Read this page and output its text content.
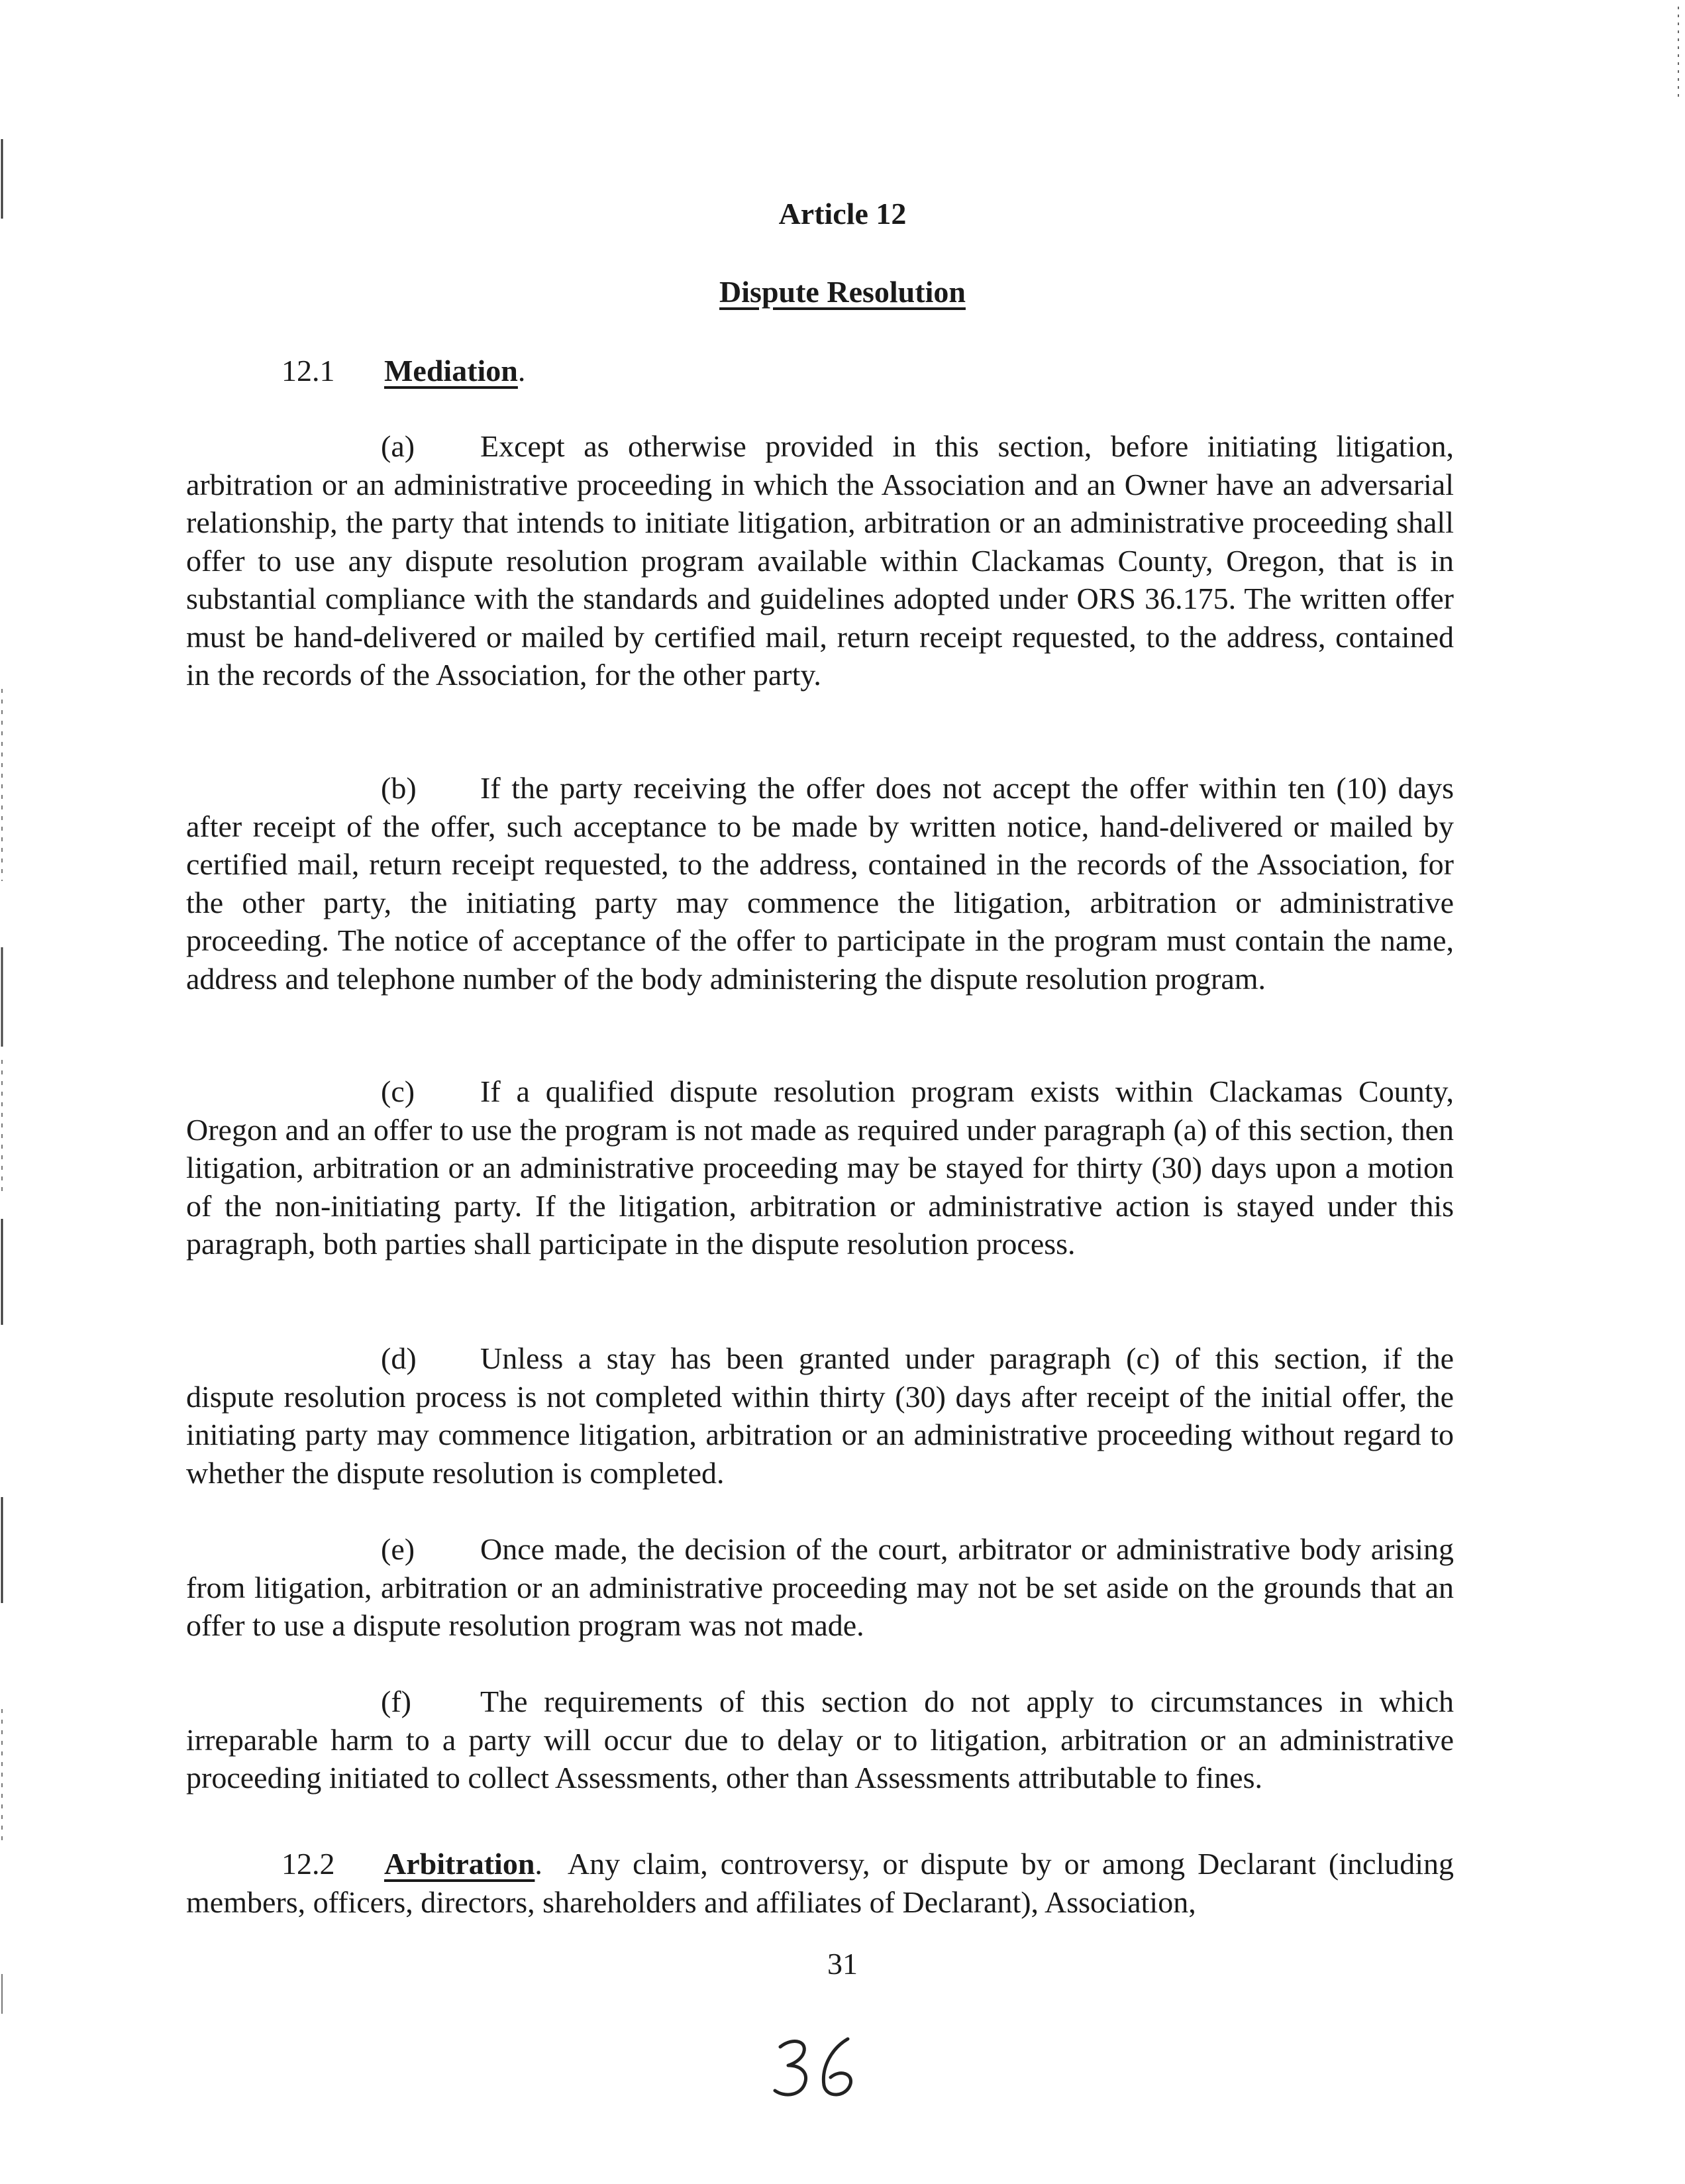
Article 12
Dispute Resolution
12.1 Mediation.

(a) Except as otherwise provided in this section, before initiating litigation, arbitration or an administrative proceeding in which the Association and an Owner have an adversarial relationship, the party that intends to initiate litigation, arbitration or an administrative proceeding shall offer to use any dispute resolution program available within Clackamas County, Oregon, that is in substantial compliance with the standards and guidelines adopted under ORS 36.175. The written offer must be hand-delivered or mailed by certified mail, return receipt requested, to the address, contained in the records of the Association, for the other party.

(b) If the party receiving the offer does not accept the offer within ten (10) days after receipt of the offer, such acceptance to be made by written notice, hand-delivered or mailed by certified mail, return receipt requested, to the address, contained in the records of the Association, for the other party, the initiating party may commence the litigation, arbitration or administrative proceeding. The notice of acceptance of the offer to participate in the program must contain the name, address and telephone number of the body administering the dispute resolution program.

(c) If a qualified dispute resolution program exists within Clackamas County, Oregon and an offer to use the program is not made as required under paragraph (a) of this section, then litigation, arbitration or an administrative proceeding may be stayed for thirty (30) days upon a motion of the non-initiating party. If the litigation, arbitration or administrative action is stayed under this paragraph, both parties shall participate in the dispute resolution process.

(d) Unless a stay has been granted under paragraph (c) of this section, if the dispute resolution process is not completed within thirty (30) days after receipt of the initial offer, the initiating party may commence litigation, arbitration or an administrative proceeding without regard to whether the dispute resolution is completed.

(e) Once made, the decision of the court, arbitrator or administrative body arising from litigation, arbitration or an administrative proceeding may not be set aside on the grounds that an offer to use a dispute resolution program was not made.

(f) The requirements of this section do not apply to circumstances in which irreparable harm to a party will occur due to delay or to litigation, arbitration or an administrative proceeding initiated to collect Assessments, other than Assessments attributable to fines.

12.2 Arbitration. Any claim, controversy, or dispute by or among Declarant (including members, officers, directors, shareholders and affiliates of Declarant), Association,

31
